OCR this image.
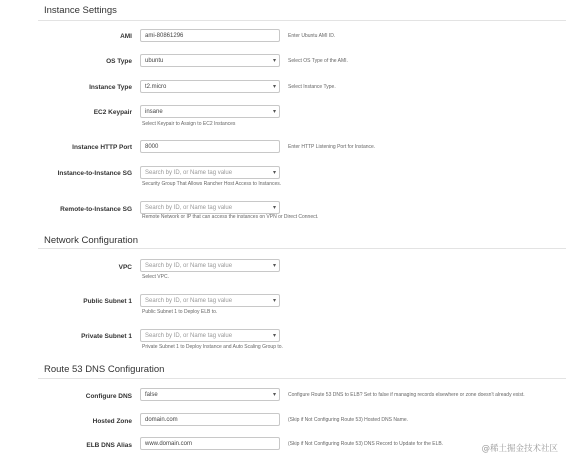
Instance Settings
AMI ami-80861296	Enter Ubuntu AMI ID.
OS Type ubuntu	▾ Select OS Type of the AMI.
Instance Type t2.micro	▾ Select Instance Type.
EC2 Keypair insane	▾
Select Keypair to Assign to EC2 Instances
Instance HTTP Port 8000	Enter HTTP Listening Port for Instance.
Instance-to-Instance SG Search by ID, or Name tag value	▾
Security Group That Allows Rancher Host Access to Instances.
Remote-to-Instance SG Search by ID, or Name tag value	▾
Remote Network or IP that can access the instances on VPN or Direct Connect.
Network Configuration
VPC Search by ID, or Name tag value	▾
Select VPC.
Public Subnet 1 Search by ID, or Name tag value	▾
Public Subnet 1 to Deploy ELB to.
Private Subnet 1 Search by ID, or Name tag value	▾
Private Subnet 1 to Deploy Instance and Auto Scaling Group to.
Route 53 DNS Configuration
Configure DNS false	▾ Configure Route 53 DNS to ELB? Set to false if managing records elsewhere or zone doesn't already exist.
Hosted Zone domain.com	(Skip if Not Configuring Route 53) Hosted DNS Name.
ELB DNS Alias www.domain.com	(Skip if Not Configuring Route 53) DNS Record to Update for the ELB.	@稀土掘金技术社区
